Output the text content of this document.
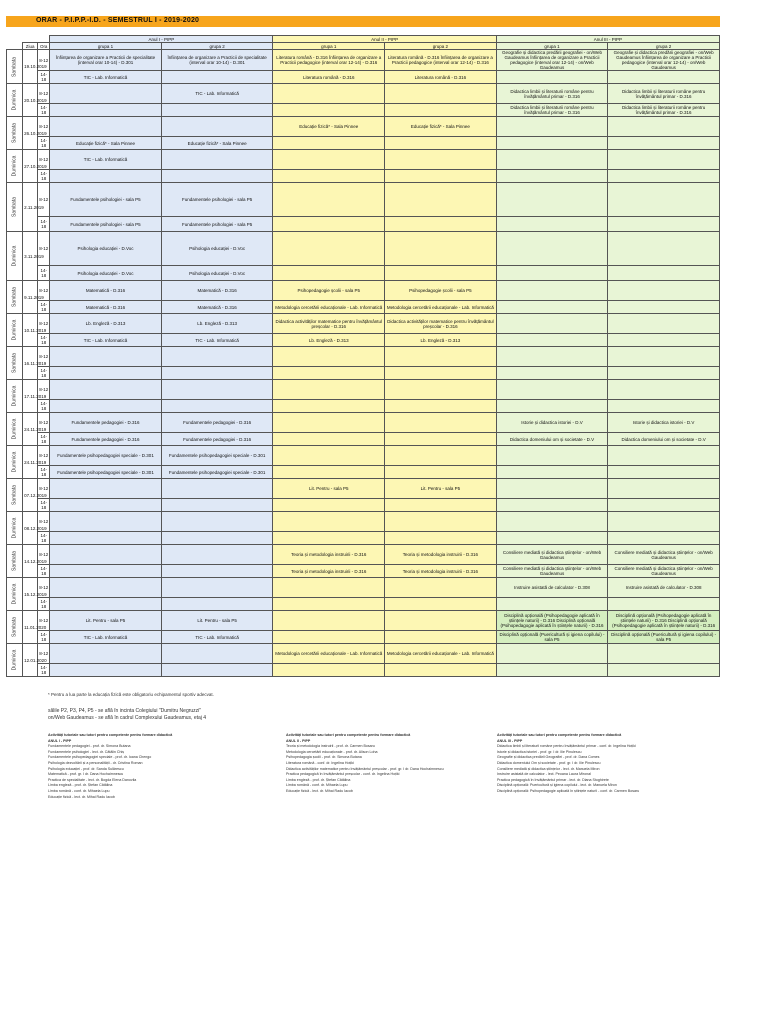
ORAR - P.I.P.P.-I.D. - SEMESTRUL I - 2019-2020
			Anul I - PIPP		Anul II - PIPP		Anul III - PIPP	
	Ziua	Ora	grupa 1	grupa 2	grupa 1	grupa 2	grupa 1	grupa 2

Sambata	19.10.2019	8-12	Înființarea de organizare a Practicii de specialitate (interval orar 10-14) - D.301	Înființarea de organizare a Practicii de specialitate (interval orar 10-14) - D.301	Literatura română - D.316 Înființarea de organizare a Practicii pedagogice (interval orar 12-14) - D.316	Literatura română - D.316 Înființarea de organizare a Practicii pedagogice (interval orar 12-14) - D.316	Geografie și didactica predării geografiei - on/Web Gaudeamus Înființarea de organizare a Practicii pedagogice (interval orar 12-14) - on/Web Gaudeamus	Geografie și didactica predării geografiei - on/Web Gaudeamus Înființarea de organizare a Practicii pedagogice (interval orar 12-14) - on/Web Gaudeamus
		14-18	TIC - Lab. Informatică		Literatura română - D.316	Literatura română - D.316		

Duminica	20.10.2019	8-12		TIC - Lab. Informatică			Didactica limbii și literaturii române pentru învățământul primar - D.316	Didactica limbii și literaturii române pentru învățământul primar - D.316
		14-18					Didactica limbii și literaturii române pentru învățământul primar - D.316	Didactica limbii și literaturii române pentru învățământul primar - D.316

Sambata	26.10.2019	8-12			Educație fizică* - Sala Pinnee	Educație fizică* - Sala Pinnee		
		14-18	Educație fizică* - Sala Pinnee	Educație fizică* - Sala Pinnee				

Duminica	27.10.2019	8-12	TIC - Lab. Informatică					
		14-18						

Sambata	2.11.2019	8-12	Fundamentele psihologiei - sala P5	Fundamentele psihologiei - sala P5				
		14-18	Fundamentele psihologiei - sala P5	Fundamentele psihologiei - sala P5				

Duminica	3.11.2019	8-12	Psihologia educației - D.Voc	Psihologia educației - D.Voc				
		14-18	Psihologia educației - D.Voc	Psihologia educației - D.Voc				

Sambata	9.11.2019	8-12	Matematică - D.316	Matematică - D.316	Psihopedagogie școlii - sala P5	Psihopedagogie școlii - sala P5		
		14-18	Matematică - D.316	Matematică - D.316	Metodologia cercetării educaționale - Lab. Informatică	Metodologia cercetării educaționale - Lab. Informatică		

Duminica	10.11.2019	8-12	Lb. Engleză - D.313	Lb. Engleză - D.313	Didactica activităților matematice pentru învățământul preșcolar - D.316	Didactica activităților matematice pentru învățământul preșcolar - D.316		
		14-18	TIC - Lab. Informatică	TIC - Lab. Informatică	Lb. Engleză - D.313	Lb. Engleză - D.313		

Sambata	16.11.2019	8-12						
		14-18						

Duminica	17.11.2019	8-12						
		14-18						

Duminica	24.11.2019	8-12	Fundamentele pedagogiei - D.316	Fundamentele pedagogiei - D.316			Istorie și didactica istoriei - D.V	Istorie și didactica istoriei - D.V
		14-18	Fundamentele pedagogiei - D.316	Fundamentele pedagogiei - D.316			Didactica domeniului om și societate - D.V	Didactica domeniului om și societate - D.V

Duminica	24.11.2019	8-12	Fundamentele psihopedagogiei speciale - D.301	Fundamentele psihopedagogiei speciale - D.301				
		14-18	Fundamentele psihopedagogiei speciale - D.301	Fundamentele psihopedagogiei speciale - D.301				

Sambata	07.12.2019	8-12			Lit. Pentru - sala P5	Lit. Pentru - sala P5		
		14-18						

Duminica	08.12.2019	8-12						
		14-18						

Sambata	14.12.2019	8-12			Teoria și metodologia instruirii - D.316	Teoria și metodologia instruirii - D.316	Consiliere mediată și didactica științelor - on/Web Gaudeamus	Consiliere mediată și didactica științelor - on/Web Gaudeamus
		14-18			Teoria și metodologia instruirii - D.316	Teoria și metodologia instruirii - D.316	Consiliere mediată și didactica științelor - on/Web Gaudeamus	Consiliere mediată și didactica științelor - on/Web Gaudeamus

Duminica	15.12.2019	8-12					Instruire asistată de calculator - D.308	Instruire asistată de calculator - D.308
		14-18						

Sambata	11.01.2020	8-12	Lit. Pentru - sala P5	Lit. Pentru - sala P5			Disciplină opțională (Psihopedagogie aplicată în științele naturii) - D.316 Disciplină opțională (Psihopedagogie aplicată în științele naturii) - D.316	Disciplină opțională (Psihopedagogie aplicată în științele naturii) - D.316 Disciplină opțională (Psihopedagogie aplicată în științele naturii) - D.316
		14-18	TIC - Lab. Informatică	TIC - Lab. Informatică			Disciplină opțională (Puericultură și igiena copilului) - sala P5	Disciplină opțională (Puericultură și igiena copilului) - sala P5

Duminica	12.01.2020	8-12			Metodologia cercetării educaționale - Lab. Informatică	Metodologia cercetării educaționale - Lab. Informatică		
		14-18						
* Pentru a lua parte la educația fizică este obligatoriu echipamentul sportiv adecvat.
sălile P2, P3, P4, P5 - se află în incinta Colegiului "Dumitru Negruzzi"
on/Web Gaudeamus - se află în cadrul Complexului Gaudeamus, etaj 4
Activități tutoriale sau tutori pentru competente pentru formare didactică
ANUL I - PIPP
Fundamentele pedagogiei - prof. dr. Simona Butana
Fundamentele psihologiei - lect. dr. Cătălin Chiș
Fundamentele psihopedagogiei speciale - prof. dr. Ioana Chengo
Psihologia dezvoltării și a personalității - dr. Cristina Roman
Psihologia educației - prof. dr. Sanda Sulărescu
Matematică - prof. gr. I dr. Dana Hochaimnescu
Practica de specialitate - lect. dr. Bogda Elena Danovila
Limba engleză - prof. dr. Ștefan Cătălina
Limba română - conf. dr. Mihaela Lupu
Educație fizică - lect. dr. Mihai Radu Iacob
Activități tutoriale sau tutori pentru competente pentru formare didactică
ANUL II - PIPP
Teoria și metodologia instruirii - prof. dr. Carmen Bosaru
Metodologia cercetării educaționale - prof. dr. Alison Loha
Psihopedagogia școlii - prof. dr. Simona Butana
Literatura română - conf. dr. Ingelina Hoțiki
Didactica activităților matematice pentru învățământul preșcolar - prof. gr. I dr. Dana Hochaimnescu
Practica pedagogică în învățământul preșcolar - conf. dr. Ingelina Hoțiki
Limba engleză - prof. dr. Ștefan Cătălina
Limba română - conf. dr. Mihaela Lupu
Educație fizică - lect. dr. Mihai Radu Iacob
Activități tutoriale sau tutori pentru competente pentru formare didactică
ANUL III - PIPP
Didactica limbii și literaturii române pentru învățământul primar - conf. dr. Ingelina Hoțiki
Istorie și didactica istoriei - prof. gr. I dr. Ilie Pinulescu
Geografie și didactica predării Geografiei - prof. dr. Dana Comes
Didactica domeniului Om și societate - prof. gr. I dr. Ilie Pinulescu
Consiliere mediată și didactica științelor - lect. dr. Manuela Miron
Instruire asistată de calculator - lect. Peoana Laura Mironal
Practica pedagogică în învățământul primar - lect. dr. Diana Stoghirete
Disciplină opțională: Puericultură și igiena copilului - lect. dr. Manuela Miron
Disciplină opțională: Psihopedagogie aplicată în științele naturii - conf. dr. Carmen Bosaru
